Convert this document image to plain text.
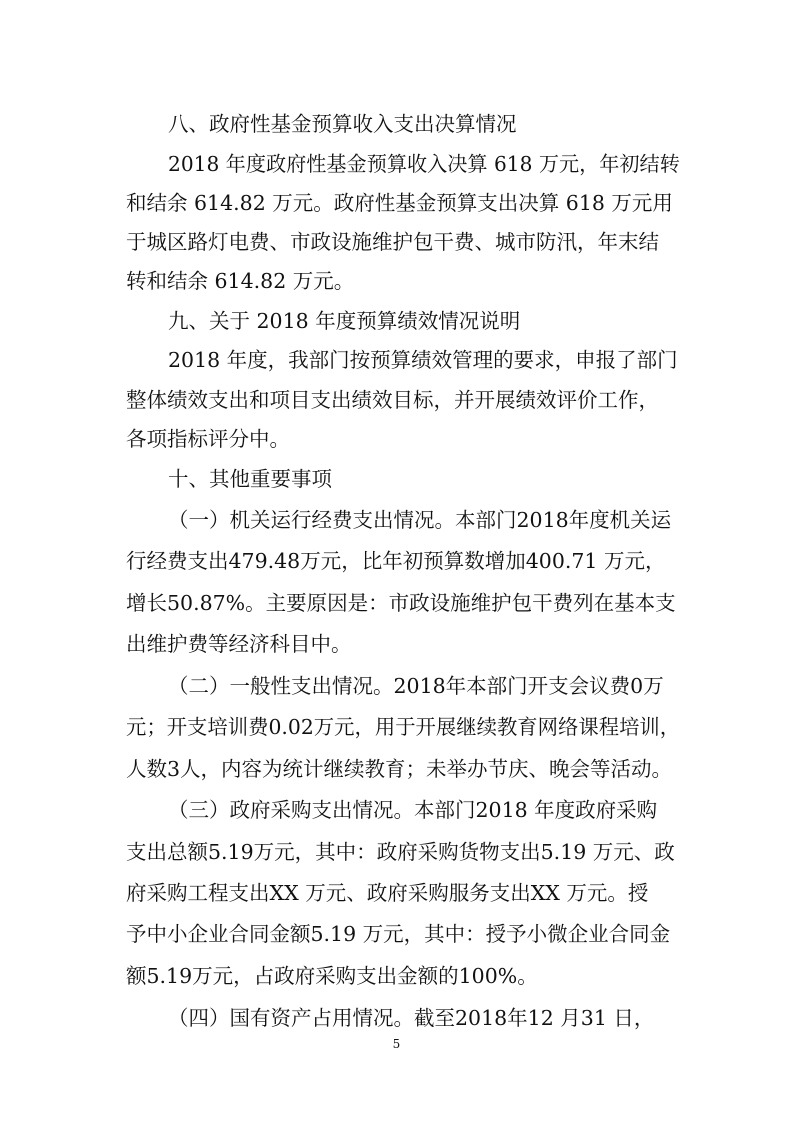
八、政府性基金预算收入支出决算情况

2018 年度政府性基金预算收入决算 618 万元，年初结转

和结余 614.82 万元。政府性基金预算支出决算 618 万元用

于城区路灯电费、市政设施维护包干费、城市防汛，年末结

转和结余 614.82 万元。

九、关于 2018 年度预算绩效情况说明

2018 年度，我部门按预算绩效管理的要求，申报了部门

整体绩效支出和项目支出绩效目标，并开展绩效评价工作，

各项指标评分中。

十、其他重要事项

（一）机关运行经费支出情况。本部门2018年度机关运

行经费支出479.48万元，比年初预算数增加400.71 万元，

增长50.87%。主要原因是：市政设施维护包干费列在基本支

出维护费等经济科目中。

（二）一般性支出情况。2018年本部门开支会议费0万

元；开支培训费0.02万元，用于开展继续教育网络课程培训，

人数3人，内容为统计继续教育；未举办节庆、晚会等活动。

（三）政府采购支出情况。本部门2018 年度政府采购

支出总额5.19万元，其中：政府采购货物支出5.19 万元、政

府采购工程支出XX 万元、政府采购服务支出XX 万元。授

予中小企业合同金额5.19 万元，其中：授予小微企业合同金

额5.19万元，占政府采购支出金额的100%。

（四）国有资产占用情况。截至2018年12 月31 日，

5
